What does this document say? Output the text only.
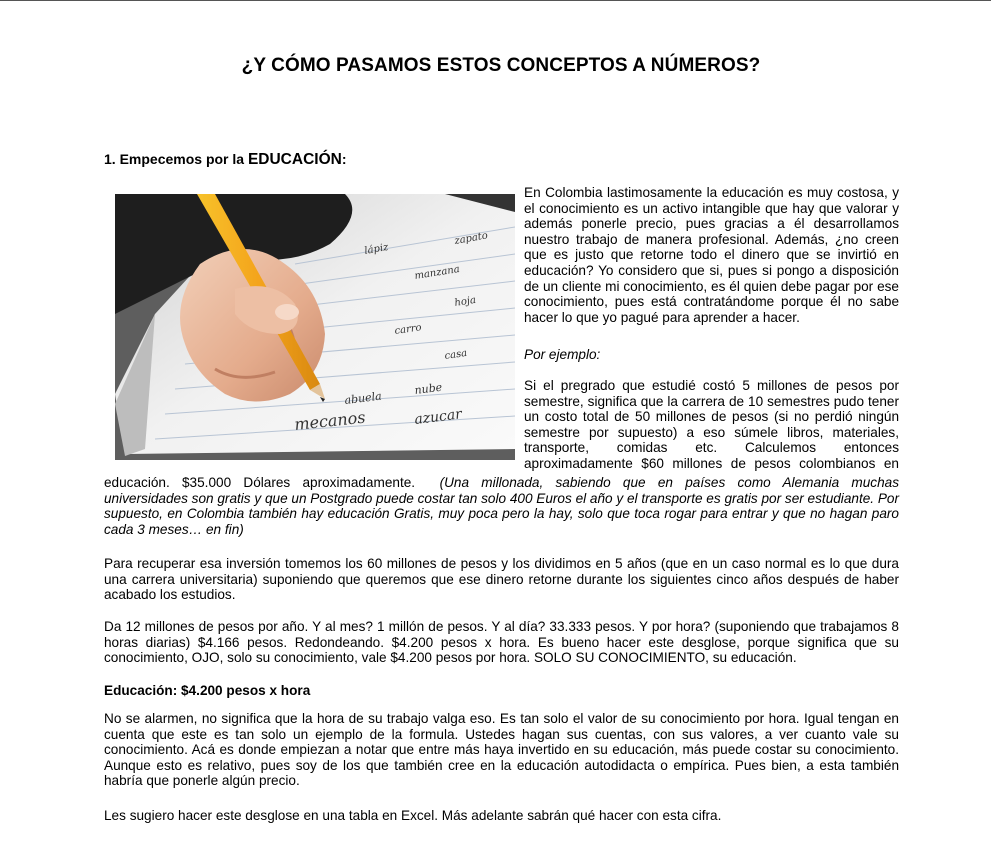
¿Y CÓMO PASAMOS ESTOS CONCEPTOS A NÚMEROS?
1. Empecemos por la EDUCACIÓN:
mecanos	azucar
abuela
nube
casa
carro
hoja
manzana
lápiz
zapato
En Colombia lastimosamente la educación es muy costosa, y el conocimiento es un activo intangible que hay que valorar y además ponerle precio, pues gracias a él desarrollamos nuestro trabajo de manera profesional. Además, ¿no creen que es justo que retorne todo el dinero que se invirtió en educación? Yo considero que si, pues si pongo a disposición de un cliente mi conocimiento, es él quien debe pagar por ese conocimiento, pues está contratándome porque él no sabe hacer lo que yo pagué para aprender a hacer.
Por ejemplo:
Si el pregrado que estudié costó 5 millones de pesos por semestre, significa que la carrera de 10 semestres pudo tener un costo total de 50 millones de pesos (si no perdió ningún semestre por supuesto) a eso súmele libros, materiales, transporte, comidas etc. Calculemos entonces aproximadamente $60 millones de pesos colombianos en
educación. $35.000 Dólares aproximadamente. (Una millonada, sabiendo que en países como Alemania muchas
universidades son gratis y que un Postgrado puede costar tan solo 400 Euros el año y el transporte es gratis por ser estudiante. Por supuesto, en Colombia también hay educación Gratis, muy poca pero la hay, solo que toca rogar para entrar y que no hagan paro cada 3 meses… en fin)
Para recuperar esa inversión tomemos los 60 millones de pesos y los dividimos en 5 años (que en un caso normal es lo que dura una carrera universitaria) suponiendo que queremos que ese dinero retorne durante los siguientes cinco años después de haber acabado los estudios.
Da 12 millones de pesos por año. Y al mes? 1 millón de pesos. Y al día? 33.333 pesos. Y por hora? (suponiendo que trabajamos 8 horas diarias) $4.166 pesos. Redondeando. $4.200 pesos x hora. Es bueno hacer este desglose, porque significa que su conocimiento, OJO, solo su conocimiento, vale $4.200 pesos por hora. SOLO SU CONOCIMIENTO, su educación.
Educación: $4.200 pesos x hora
No se alarmen, no significa que la hora de su trabajo valga eso. Es tan solo el valor de su conocimiento por hora. Igual tengan en cuenta que este es tan solo un ejemplo de la formula. Ustedes hagan sus cuentas, con sus valores, a ver cuanto vale su conocimiento. Acá es donde empiezan a notar que entre más haya invertido en su educación, más puede costar su conocimiento. Aunque esto es relativo, pues soy de los que también cree en la educación autodidacta o empírica. Pues bien, a esta también habría que ponerle algún precio.
Les sugiero hacer este desglose en una tabla en Excel. Más adelante sabrán qué hacer con esta cifra.
